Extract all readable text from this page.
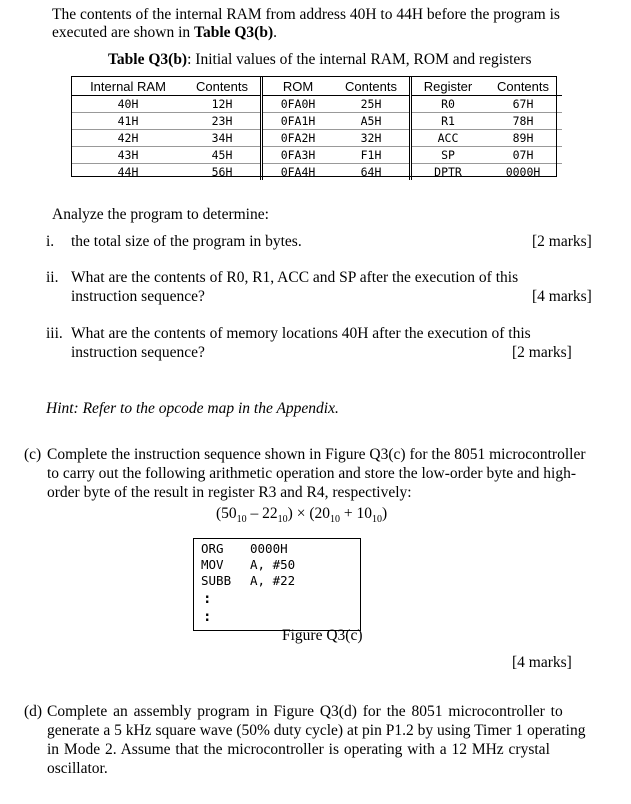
The contents of the internal RAM from address 40H to 44H before the program is
executed are shown in Table Q3(b).
Table Q3(b): Initial values of the internal RAM, ROM and registers
Internal RAM	Contents	ROM	Contents	Register	Contents
40H	12H	0FA0H	25H	R0	67H
41H	23H	0FA1H	A5H	R1	78H
42H	34H	0FA2H	32H	ACC	89H
43H	45H	0FA3H	F1H	SP	07H
44H	56H	0FA4H	64H	DPTR	0000H
Analyze the program to determine:
i. the total size of the program in bytes.	[2 marks]
ii. What are the contents of R0, R1, ACC and SP after the execution of this
instruction sequence?	[4 marks]
iii. What are the contents of memory locations 40H after the execution of this
instruction sequence?	[2 marks]
Hint: Refer to the opcode map in the Appendix.
(c) Complete the instruction sequence shown in Figure Q3(c) for the 8051 microcontroller
to carry out the following arithmetic operation and store the low-order byte and high-
order byte of the result in register R3 and R4, respectively:
$(50_{10} - 22_{10}) \times (20_{10} + 10_{10})$
ORG 0000H
MOV A, #50
SUBB A, #22
:
:
Figure Q3(c)
[4 marks]
(d) Complete an assembly program in Figure Q3(d) for the 8051 microcontroller to
generate a 5 kHz square wave (50% duty cycle) at pin P1.2 by using Timer 1 operating
in Mode 2. Assume that the microcontroller is operating with a 12 MHz crystal
oscillator.
